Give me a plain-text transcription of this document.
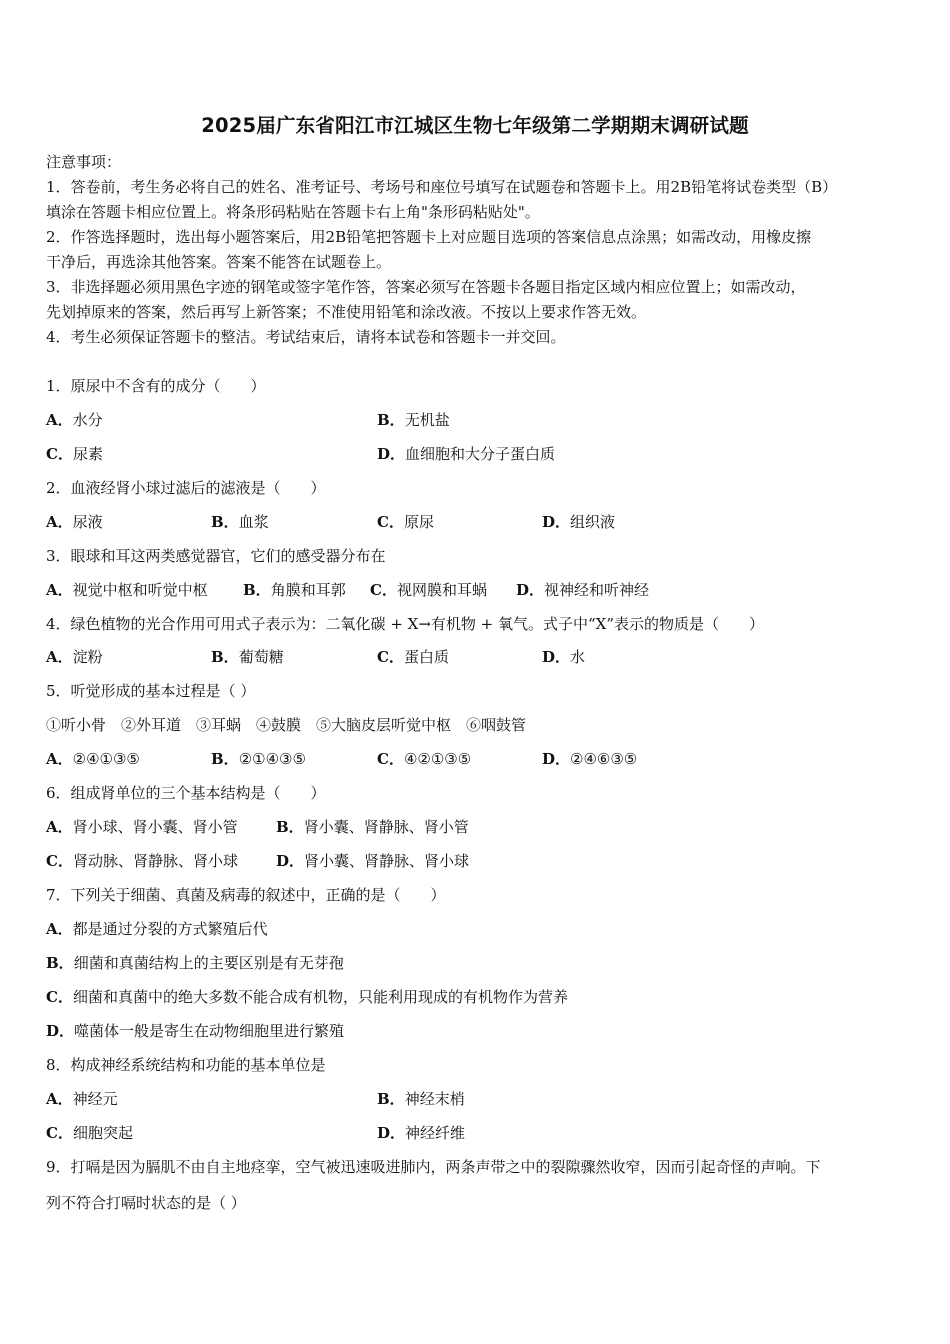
2025届广东省阳江市江城区生物七年级第二学期期末调研试题
注意事项：
1．答卷前，考生务必将自己的姓名、准考证号、考场号和座位号填写在试题卷和答题卡上。用2B铅笔将试卷类型（B）
填涂在答题卡相应位置上。将条形码粘贴在答题卡右上角"条形码粘贴处"。
2．作答选择题时，选出每小题答案后，用2B铅笔把答题卡上对应题目选项的答案信息点涂黑；如需改动，用橡皮擦
干净后，再选涂其他答案。答案不能答在试题卷上。
3．非选择题必须用黑色字迹的钢笔或签字笔作答，答案必须写在答题卡各题目指定区域内相应位置上；如需改动，
先划掉原来的答案，然后再写上新答案；不准使用铅笔和涂改液。不按以上要求作答无效。
4．考生必须保证答题卡的整洁。考试结束后，请将本试卷和答题卡一并交回。
1．原尿中不含有的成分（　　）
A．水分	B．无机盐
C．尿素	D．血细胞和大分子蛋白质
2．血液经肾小球过滤后的滤液是（　　）
A．尿液	B．血浆	C．原尿	D．组织液
3．眼球和耳这两类感觉器官，它们的感受器分布在
A．视觉中枢和听觉中枢 B．角膜和耳郭 C．视网膜和耳蜗 D．视神经和听神经
4．绿色植物的光合作用可用式子表示为：二氧化碳 + X→有机物 + 氧气。式子中“X”表示的物质是（　　）
A．淀粉	B．葡萄糖	C．蛋白质	D．水
5．听觉形成的基本过程是（ ）
①听小骨　②外耳道　③耳蜗　④鼓膜　⑤大脑皮层听觉中枢　⑥咽鼓管
A．②④①③⑤	B．②①④③⑤	C．④②①③⑤	D．②④⑥③⑤
6．组成肾单位的三个基本结构是（　　）
A．肾小球、肾小囊、肾小管	B．肾小囊、肾静脉、肾小管
C．肾动脉、肾静脉、肾小球	D．肾小囊、肾静脉、肾小球
7．下列关于细菌、真菌及病毒的叙述中，正确的是（　　）
A．都是通过分裂的方式繁殖后代
B．细菌和真菌结构上的主要区别是有无芽孢
C．细菌和真菌中的绝大多数不能合成有机物，只能利用现成的有机物作为营养
D．噬菌体一般是寄生在动物细胞里进行繁殖
8．构成神经系统结构和功能的基本单位是
A．神经元	B．神经末梢
C．细胞突起	D．神经纤维
9．打嗝是因为膈肌不由自主地痉挛，空气被迅速吸进肺内，两条声带之中的裂隙骤然收窄，因而引起奇怪的声响。下
列不符合打嗝时状态的是（ ）
